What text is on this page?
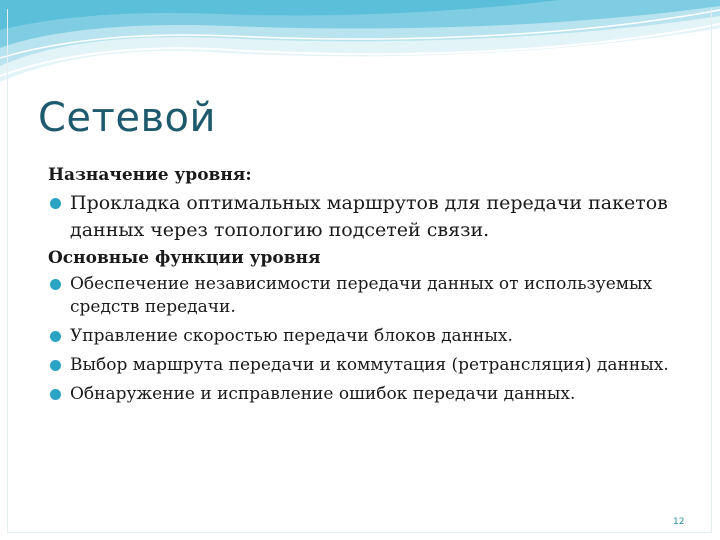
Сетевой
Назначение уровня:
Прокладка оптимальных маршрутов для передачи пакетов данных через топологию подсетей связи.
Основные функции уровня
Обеспечение независимости передачи данных от используемых средств передачи.
Управление скоростью передачи блоков данных.
Выбор маршрута передачи и коммутация (ретрансляция) данных.
Обнаружение и исправление ошибок передачи данных.
12
